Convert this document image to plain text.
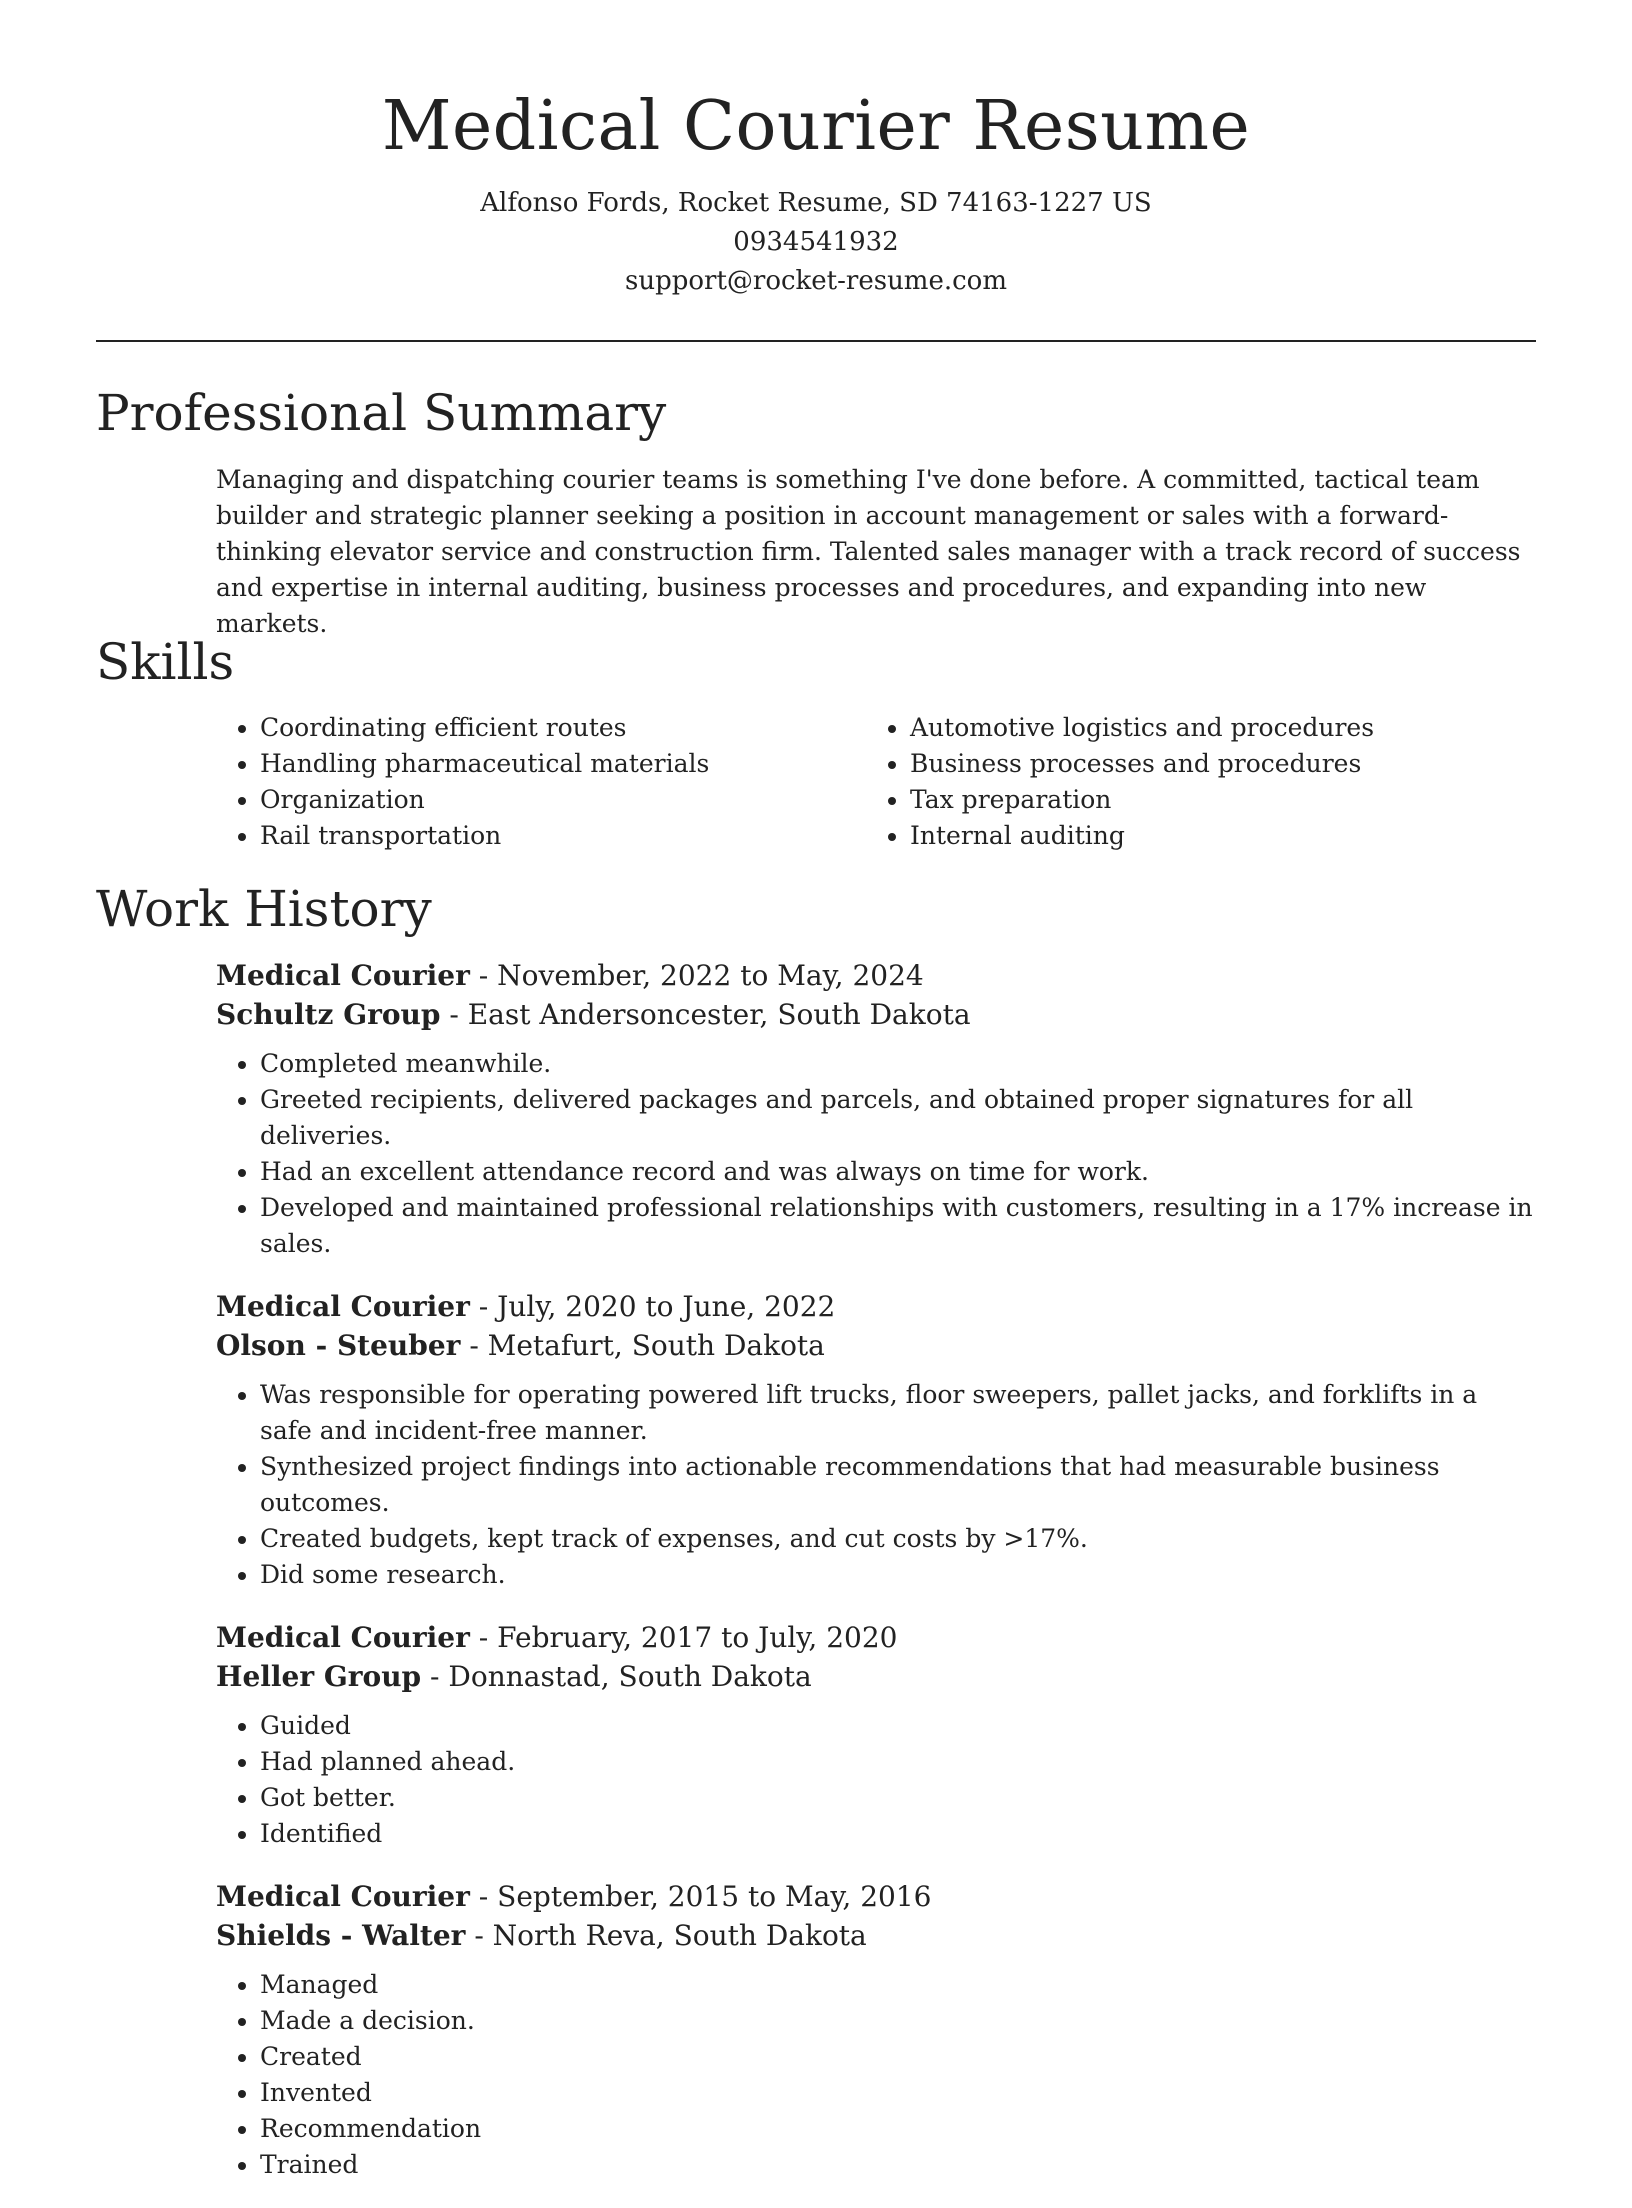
Medical Courier Resume

Alfonso Fords, Rocket Resume, SD 74163-1227 US

0934541932

support@rocket-resume.com

Professional Summary

Managing and dispatching courier teams is something I've done before. A committed, tactical team builder and strategic planner seeking a position in account management or sales with a forward-thinking elevator service and construction firm. Talented sales manager with a track record of success and expertise in internal auditing, business processes and procedures, and expanding into new markets.

Skills
• Coordinating efficient routes
• Handling pharmaceutical materials
• Organization
• Rail transportation
• Automotive logistics and procedures
• Business processes and procedures
• Tax preparation
• Internal auditing
Work History

Medical Courier - November, 2022 to May, 2024

Schultz Group - East Andersoncester, South Dakota

• Completed meanwhile.
• Greeted recipients, delivered packages and parcels, and obtained proper signatures for all deliveries.
• Had an excellent attendance record and was always on time for work.
• Developed and maintained professional relationships with customers, resulting in a 17% increase in sales.

Medical Courier - July, 2020 to June, 2022

Olson - Steuber - Metafurt, South Dakota

• Was responsible for operating powered lift trucks, floor sweepers, pallet jacks, and forklifts in a safe and incident-free manner.
• Synthesized project findings into actionable recommendations that had measurable business outcomes.
• Created budgets, kept track of expenses, and cut costs by >17%.
• Did some research.

Medical Courier - February, 2017 to July, 2020

Heller Group - Donnastad, South Dakota

• Guided
• Had planned ahead.
• Got better.
• Identified

Medical Courier - September, 2015 to May, 2016

Shields - Walter - North Reva, South Dakota

• Managed
• Made a decision.
• Created
• Invented
• Recommendation
• Trained
